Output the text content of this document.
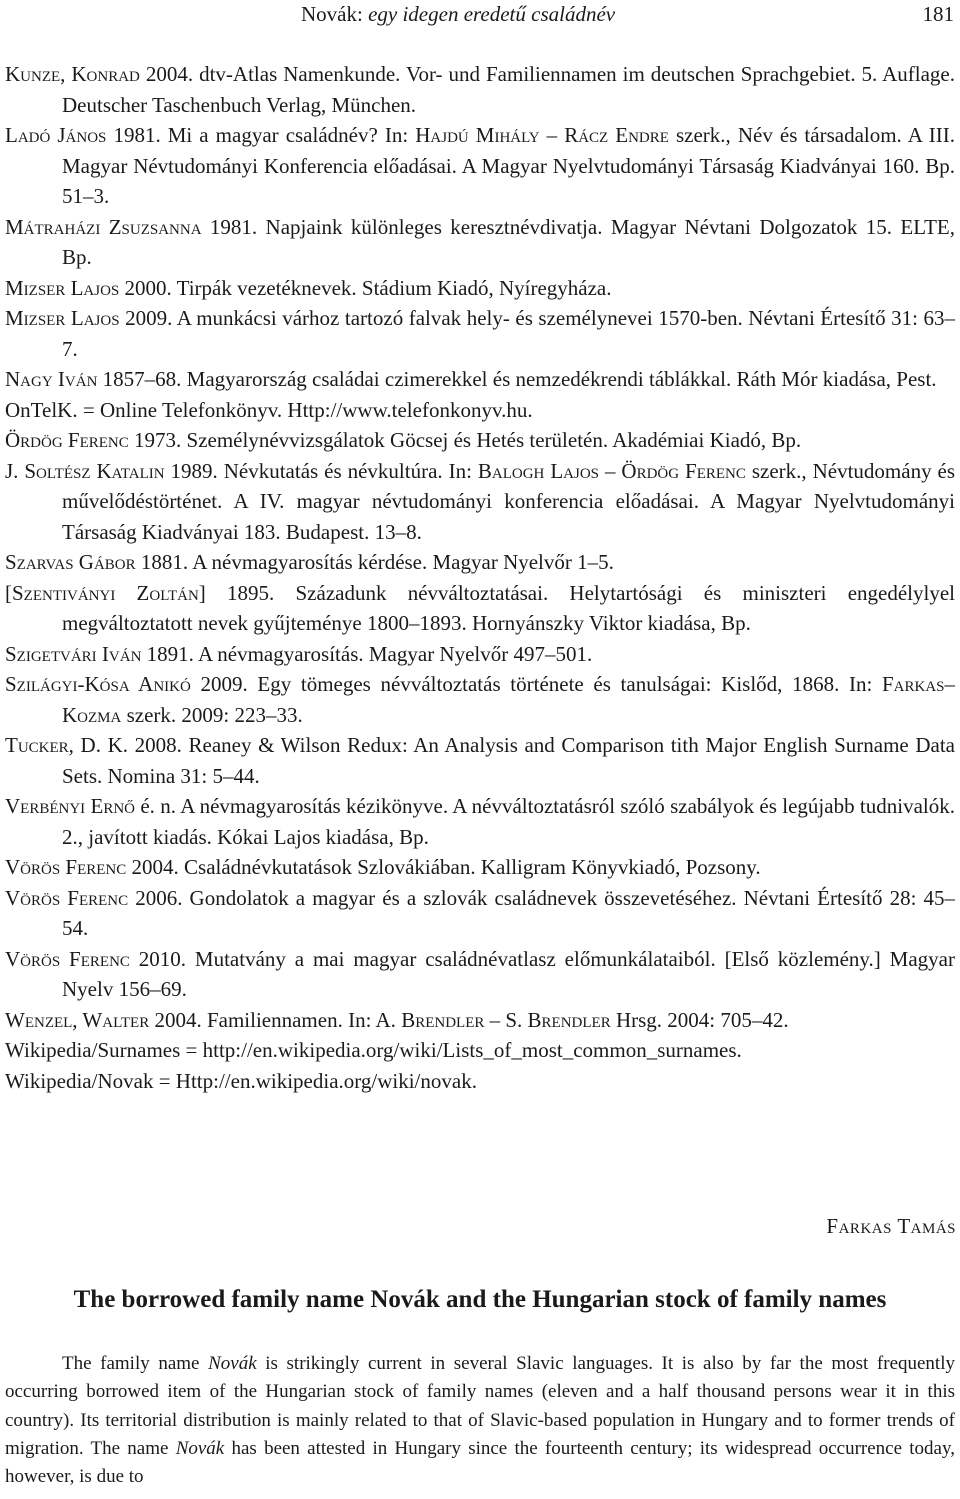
Novák: egy idegen eredetű családnév	181
Kunze, Konrad 2004. dtv-Atlas Namenkunde. Vor- und Familiennamen im deutschen Sprachgebiet. 5. Auflage. Deutscher Taschenbuch Verlag, München.
Ladó János 1981. Mi a magyar családnév? In: Hajdú Mihály – Rácz Endre szerk., Név és társadalom. A III. Magyar Névtudományi Konferencia előadásai. A Magyar Nyelvtudományi Társaság Kiadványai 160. Bp. 51–3.
Mátraházi Zsuzsanna 1981. Napjaink különleges keresztnévdivatja. Magyar Névtani Dolgozatok 15. ELTE, Bp.
Mizser Lajos 2000. Tirpák vezetéknevek. Stádium Kiadó, Nyíregyháza.
Mizser Lajos 2009. A munkácsi várhoz tartozó falvak hely- és személynevei 1570-ben. Névtani Értesítő 31: 63–7.
Nagy Iván 1857–68. Magyarország családai czimerekkel és nemzedékrendi táblákkal. Ráth Mór kiadása, Pest.
OnTelK. = Online Telefonkönyv. Http://www.telefonkonyv.hu.
Ördög Ferenc 1973. Személynévvizsgálatok Göcsej és Hetés területén. Akadémiai Kiadó, Bp.
J. Soltész Katalin 1989. Névkutatás és névkultúra. In: Balogh Lajos – Ördög Ferenc szerk., Névtudomány és művelődéstörténet. A IV. magyar névtudományi konferencia előadásai. A Magyar Nyelvtudományi Társaság Kiadványai 183. Budapest. 13–8.
Szarvas Gábor 1881. A névmagyarosítás kérdése. Magyar Nyelvőr 1–5.
[Szentiványi Zoltán] 1895. Századunk névváltoztatásai. Helytartósági és miniszteri engedélylyel megváltoztatott nevek gyűjteménye 1800–1893. Hornyánszky Viktor kiadása, Bp.
Szigetvári Iván 1891. A névmagyarosítás. Magyar Nyelvőr 497–501.
Szilágyi-Kósa Anikó 2009. Egy tömeges névváltoztatás története és tanulságai: Kislőd, 1868. In: Farkas–Kozma szerk. 2009: 223–33.
Tucker, D. K. 2008. Reaney & Wilson Redux: An Analysis and Comparison tith Major English Surname Data Sets. Nomina 31: 5–44.
Verbényi Ernő é. n. A névmagyarosítás kézikönyve. A névváltoztatásról szóló szabályok és legújabb tudnivalók. 2., javított kiadás. Kókai Lajos kiadása, Bp.
Vörös Ferenc 2004. Családnévkutatások Szlovákiában. Kalligram Könyvkiadó, Pozsony.
Vörös Ferenc 2006. Gondolatok a magyar és a szlovák családnevek összevetéséhez. Névtani Értesítő 28: 45–54.
Vörös Ferenc 2010. Mutatvány a mai magyar családnévatlasz előmunkálataiból. [Első közlemény.] Magyar Nyelv 156–69.
Wenzel, Walter 2004. Familiennamen. In: A. Brendler – S. Brendler Hrsg. 2004: 705–42.
Wikipedia/Surnames = http://en.wikipedia.org/wiki/Lists_of_most_common_surnames.
Wikipedia/Novak = Http://en.wikipedia.org/wiki/novak.
Farkas Tamás
The borrowed family name Novák and the Hungarian stock of family names

The family name Novák is strikingly current in several Slavic languages. It is also by far the most frequently occurring borrowed item of the Hungarian stock of family names (eleven and a half thousand persons wear it in this country). Its territorial distribution is mainly related to that of Slavic-based population in Hungary and to former trends of migration. The name Novák has been attested in Hungary since the fourteenth century; its widespread occurrence today, however, is due to
